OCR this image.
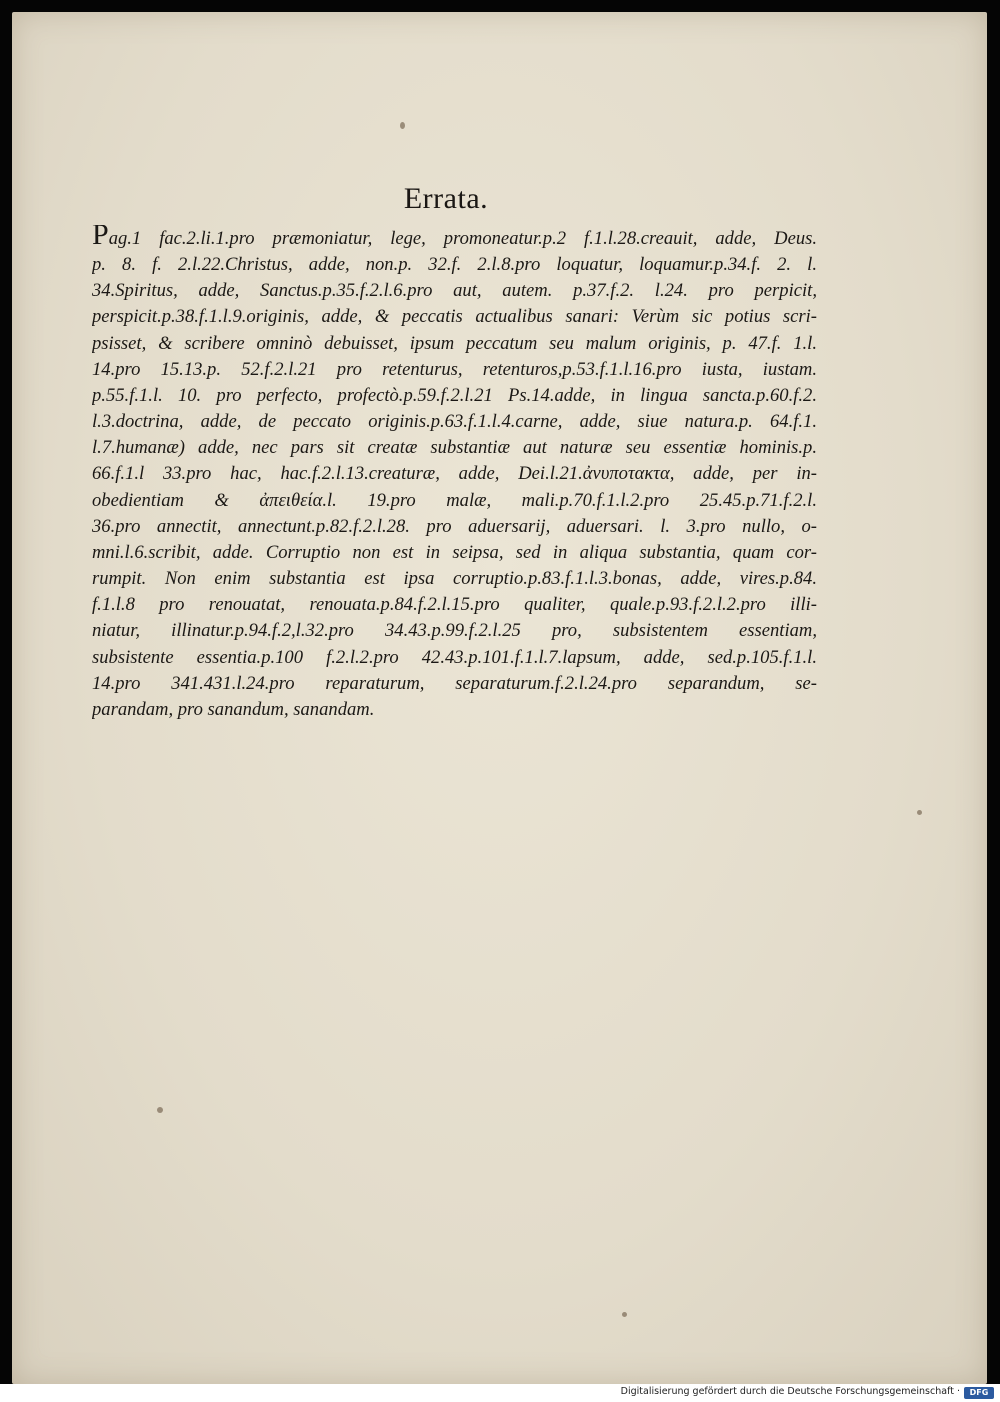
Errata.
Pag.1 fac.2.li.1.pro præmoniatur, lege, promoneatur.p.2 f.1.l.28.creauit, adde, Deus.
p. 8. f. 2.l.22.Christus, adde, non.p. 32.f. 2.l.8.pro loquatur, loquamur.p.34.f. 2. l.
34.Spiritus, adde, Sanctus.p.35.f.2.l.6.pro aut, autem. p.37.f.2. l.24. pro perpicit,
perspicit.p.38.f.1.l.9.originis, adde, & peccatis actualibus sanari: Verùm sic potius scri-
psisset, & scribere omninò debuisset, ipsum peccatum seu malum originis, p. 47.f. 1.l.
14.pro 15.13.p. 52.f.2.l.21 pro retenturus, retenturos,p.53.f.1.l.16.pro iusta, iustam.
p.55.f.1.l. 10. pro perfecto, profectò.p.59.f.2.l.21 Ps.14.adde, in lingua sancta.p.60.f.2.
l.3.doctrina, adde, de peccato originis.p.63.f.1.l.4.carne, adde, siue natura.p. 64.f.1.
l.7.humanæ) adde, nec pars sit creatæ substantiæ aut naturæ seu essentiæ hominis.p.
66.f.1.l 33.pro hac, hac.f.2.l.13.creaturæ, adde, Dei.l.21.ἀνυποτακτα, adde, per in-
obedientiam & ἀπειθεία.l. 19.pro malæ, mali.p.70.f.1.l.2.pro 25.45.p.71.f.2.l.
36.pro annectit, annectunt.p.82.f.2.l.28. pro aduersarij, aduersari. l. 3.pro nullo, o-
mni.l.6.scribit, adde. Corruptio non est in seipsa, sed in aliqua substantia, quam cor-
rumpit. Non enim substantia est ipsa corruptio.p.83.f.1.l.3.bonas, adde, vires.p.84.
f.1.l.8 pro renouatat, renouata.p.84.f.2.l.15.pro qualiter, quale.p.93.f.2.l.2.pro illi-
niatur, illinatur.p.94.f.2,l.32.pro 34.43.p.99.f.2.l.25 pro, subsistentem essentiam,
subsistente essentia.p.100 f.2.l.2.pro 42.43.p.101.f.1.l.7.lapsum, adde, sed.p.105.f.1.l.
14.pro 341.431.l.24.pro reparaturum, separaturum.f.2.l.24.pro separandum, se-
parandam, pro sanandum, sanandam.
Digitalisierung gefördert durch die Deutsche Forschungsgemeinschaft ·	DFG
